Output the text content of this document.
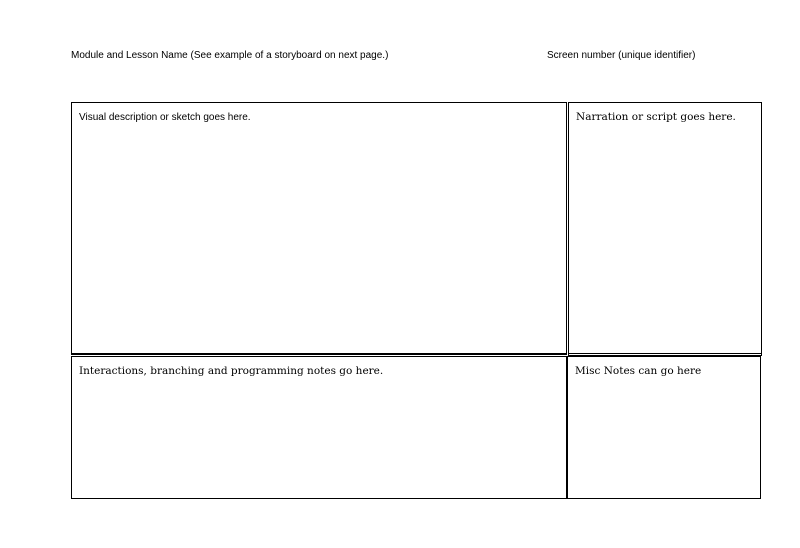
Module and Lesson Name (See example of a storyboard on next page.)	Screen number (unique identifier)
Visual description or sketch goes here.	Narration or script goes here.
Interactions, branching and programming notes go here.	Misc Notes can go here
